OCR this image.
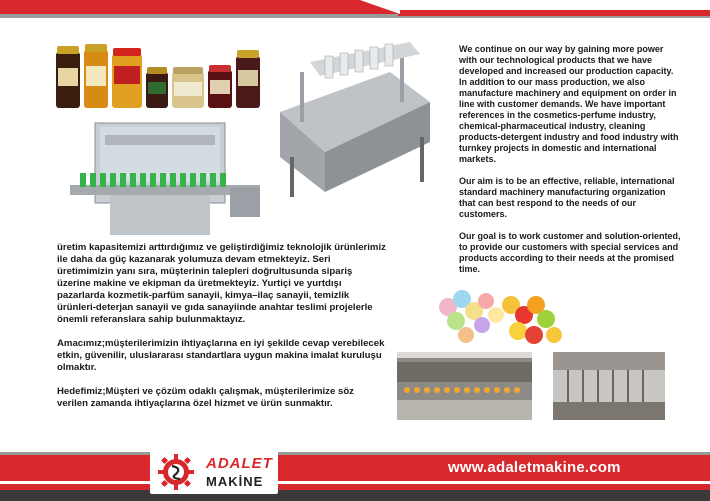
We continue on our way by gaining more power with our technological products that we have developed and increased our production capacity. In addition to our mass production, we also manufacture machinery and equipment on order in line with customer demands. We have important references in the cosmetics-perfume industry, chemical-pharmaceutical industry, cleaning products-detergent industry and food industry with turnkey projects in domestic and international markets.

Our aim is to be an effective, reliable, international standard machinery manufacturing organization that can best respond to the needs of our customers.

Our goal is to work customer and solution-oriented, to provide our customers with special services and products according to their needs at the promised time.

üretim kapasitemizi arttırdığımız ve geliştirdiğimiz teknolojik ürünlerimiz ile daha da güç kazanarak yolumuza devam etmekteyiz. Seri üretimimizin yanı sıra, müşterinin talepleri doğrultusunda sipariş üzerine makine ve ekipman da üretmekteyiz. Yurtiçi ve yurtdışı pazarlarda kozmetik-parfüm sanayii, kimya–ilaç sanayii, temizlik ürünleri-deterjan sanayii ve gıda sanayiinde anahtar teslimi projelerle önemli referanslara sahip bulunmaktayız.

Amacımız;müşterilerimizin ihtiyaçlarına en iyi şekilde cevap verebilecek etkin, güvenilir, uluslararası standartlara uygun makina imalat kuruluşu olmaktır.

Hedefimiz;Müşteri ve çözüm odaklı çalışmak, müşterilerimize söz verilen zamanda ihtiyaçlarına özel hizmet ve ürün sunmaktır.

ADALET
MAKİNE
www.adaletmakine.com
